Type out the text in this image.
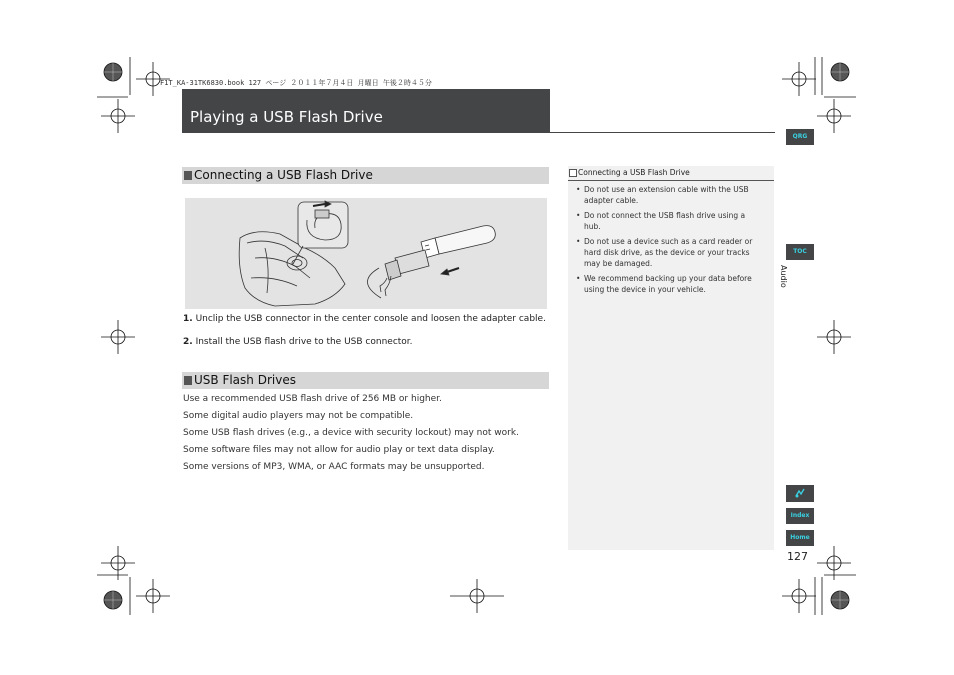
F1T_KA-31TK6830.book 127 ページ ２０１１年７月４日 月曜日 午後２時４５分
Playing a USB Flash Drive
Connecting a USB Flash Drive
1. Unclip the USB connector in the center console and loosen the adapter cable.
2. Install the USB flash drive to the USB connector.
USB Flash Drives
Use a recommended USB flash drive of 256 MB or higher.
Some digital audio players may not be compatible.
Some USB flash drives (e.g., a device with security lockout) may not work.
Some software files may not allow for audio play or text data display.
Some versions of MP3, WMA, or AAC formats may be unsupported.
Connecting a USB Flash Drive
• Do not use an extension cable with the USB adapter cable.
• Do not connect the USB flash drive using a hub.
• Do not use a device such as a card reader or hard disk drive, as the device or your tracks may be damaged.
• We recommend backing up your data before using the device in your vehicle.
QRG
TOC
Audio
Index
Home
127
